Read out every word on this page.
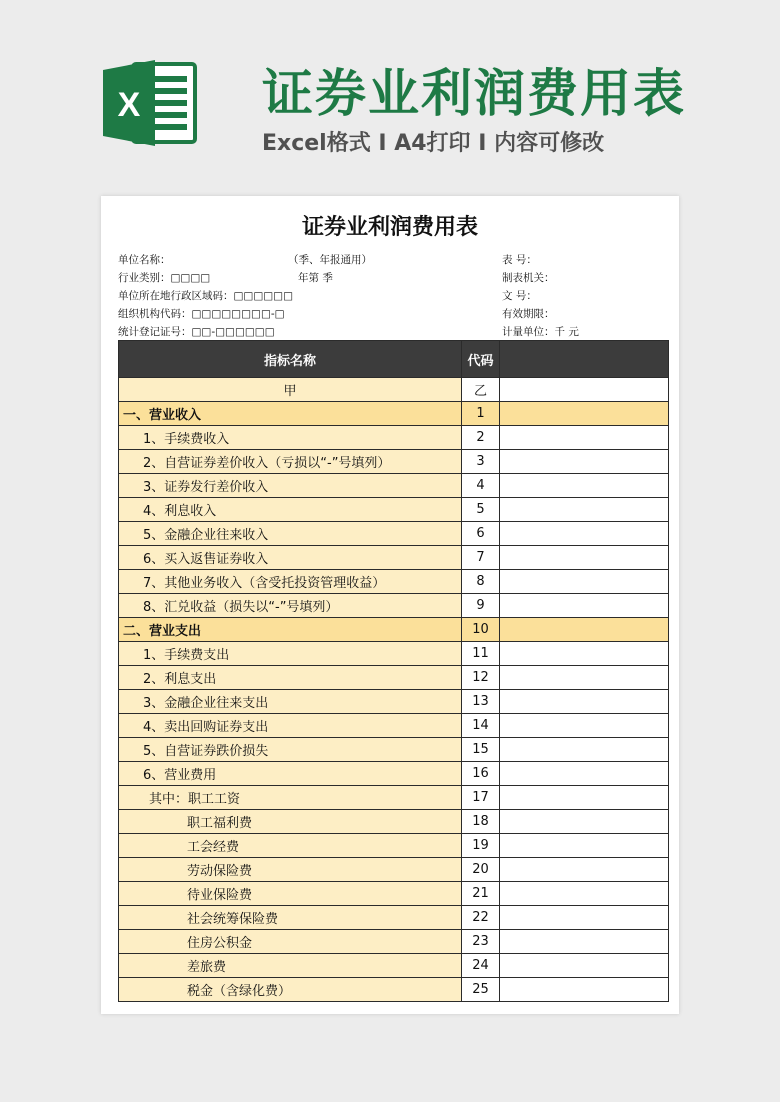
X 证券业利润费用表
Excel格式 I A4打印 I 内容可修改
证券业利润费用表
单位名称：
行业类别：□□□□
单位所在地行政区域码：□□□□□□
组织机构代码：□□□□□□□□-□
统计登记证号：□□-□□□□□□
（季、年报通用）
年第 季
表 号：
制表机关：
文 号：
有效期限：
计量单位：千 元
指标名称	代码	
甲	乙	
一、营业收入	1	
1、手续费收入	2	
2、自营证券差价收入（亏损以“-”号填列）	3	
3、证券发行差价收入	4	
4、利息收入	5	
5、金融企业往来收入	6	
6、买入返售证券收入	7	
7、其他业务收入（含受托投资管理收益）	8	
8、汇兑收益（损失以“-”号填列）	9	
二、营业支出	10	
1、手续费支出	11	
2、利息支出	12	
3、金融企业往来支出	13	
4、卖出回购证券支出	14	
5、自营证券跌价损失	15	
6、营业费用	16	
其中：职工工资	17	
职工福利费	18	
工会经费	19	
劳动保险费	20	
待业保险费	21	
社会统筹保险费	22	
住房公积金	23	
差旅费	24	
税金（含绿化费）	25	
